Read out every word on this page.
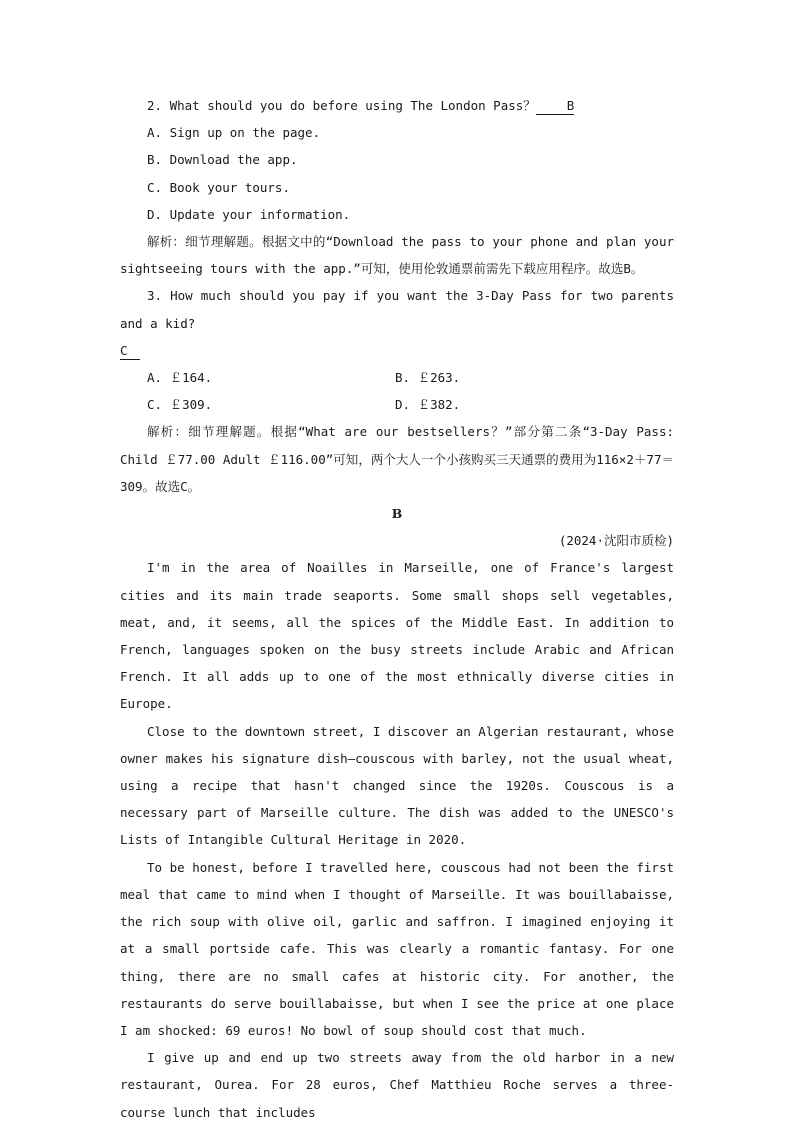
2. What should you do before using The London Pass？ B

A. Sign up on the page.

B. Download the app.

C. Book your tours.

D. Update your information.

解析：细节理解题。根据文中的“Download the pass to your phone and plan your sightseeing tours with the app.”可知，使用伦敦通票前需先下载应用程序。故选B。

3. How much should you pay if you want the 3-Day Pass for two parents and a kid?

C

A. ￡164.	B. ￡263.
C. ￡309.	D. ￡382.

解析：细节理解题。根据“What are our bestsellers？”部分第二条“3-Day Pass: Child ￡77.00 Adult ￡116.00”可知，两个大人一个小孩购买三天通票的费用为116×2＋77＝309。故选C。

B

(2024·沈阳市质检)

I'm in the area of Noailles in Marseille, one of France's largest cities and its main trade seaports. Some small shops sell vegetables, meat, and, it seems, all the spices of the Middle East. In addition to French, languages spoken on the busy streets include Arabic and African French. It all adds up to one of the most ethnically diverse cities in Europe.

Close to the downtown street, I discover an Algerian restaurant, whose owner makes his signature dish—couscous with barley, not the usual wheat, using a recipe that hasn't changed since the 1920s. Couscous is a necessary part of Marseille culture. The dish was added to the UNESCO's Lists of Intangible Cultural Heritage in 2020.

To be honest, before I travelled here, couscous had not been the first meal that came to mind when I thought of Marseille. It was bouillabaisse, the rich soup with olive oil, garlic and saffron. I imagined enjoying it at a small portside cafe. This was clearly a romantic fantasy. For one thing, there are no small cafes at historic city. For another, the restaurants do serve bouillabaisse, but when I see the price at one place I am shocked: 69 euros! No bowl of soup should cost that much.

I give up and end up two streets away from the old harbor in a new restaurant, Ourea. For 28 euros, Chef Matthieu Roche serves a three-course lunch that includes
